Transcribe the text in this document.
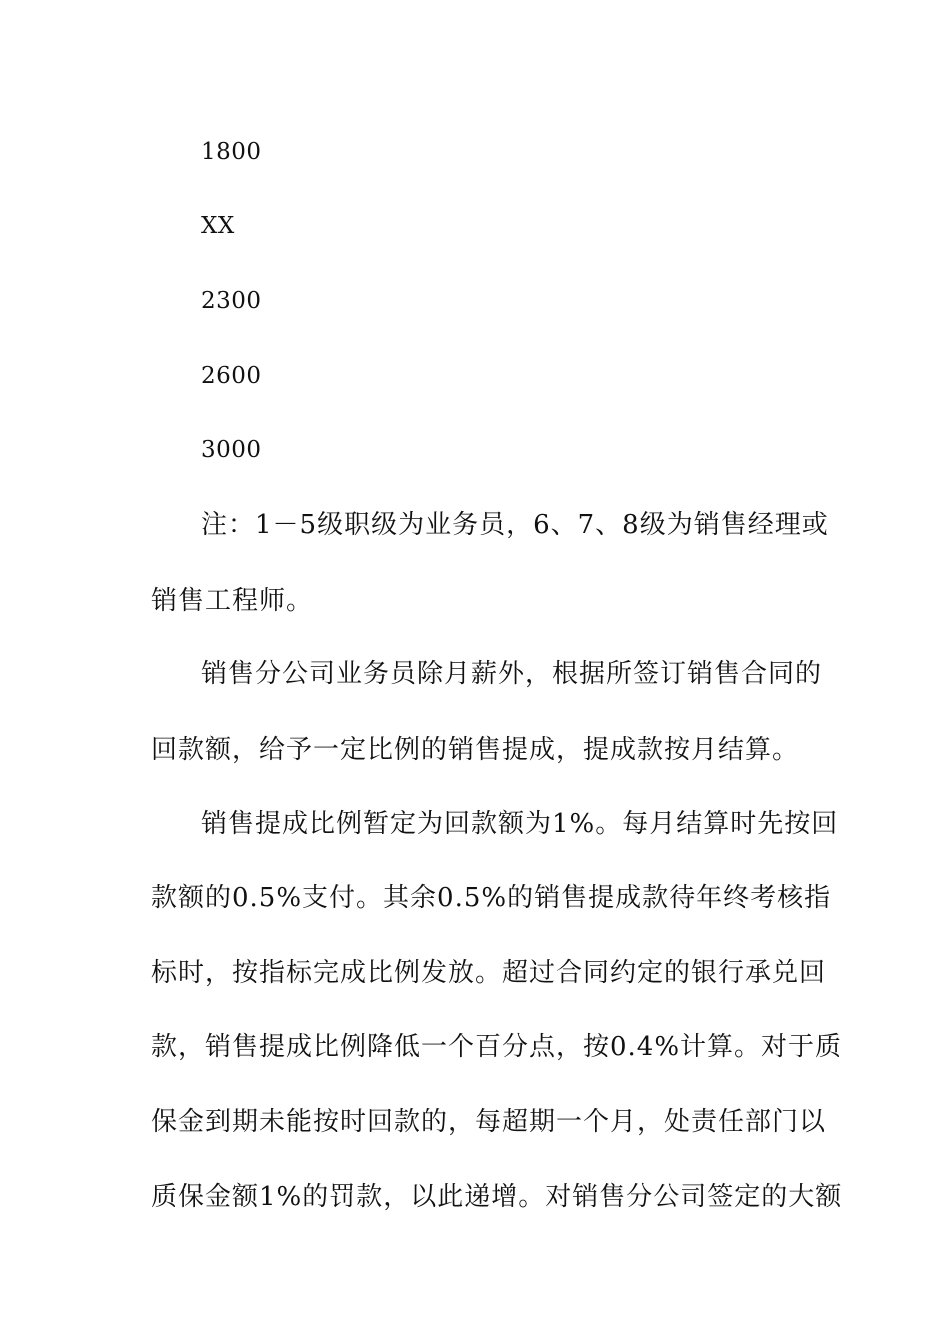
1800
XX
2300
2600
3000
注：1－5级职级为业务员，6、7、8级为销售经理或
销售工程师。
销售分公司业务员除月薪外，根据所签订销售合同的
回款额，给予一定比例的销售提成，提成款按月结算。
销售提成比例暂定为回款额为1%。每月结算时先按回
款额的0.5%支付。其余0.5%的销售提成款待年终考核指
标时，按指标完成比例发放。超过合同约定的银行承兑回
款，销售提成比例降低一个百分点，按0.4%计算。对于质
保金到期未能按时回款的，每超期一个月，处责任部门以
质保金额1%的罚款，以此递增。对销售分公司签定的大额
